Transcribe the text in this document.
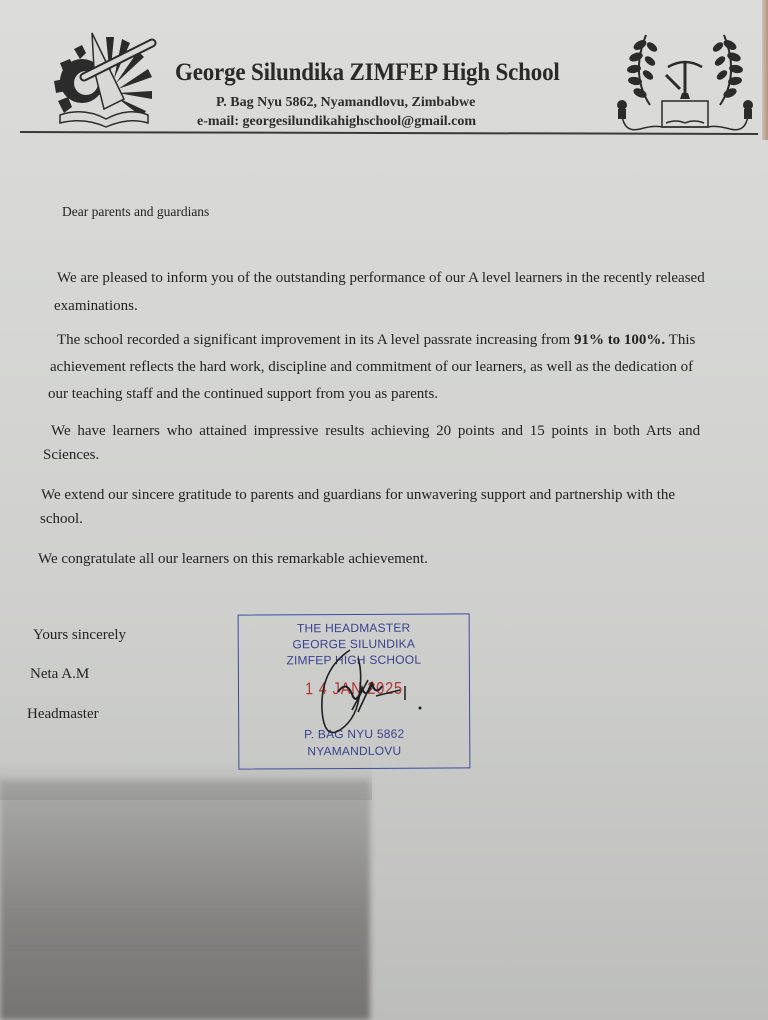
George Silundika ZIMFEP High School
P. Bag Nyu 5862, Nyamandlovu, Zimbabwe
e-mail: georgesilundikahighschool@gmail.com
Dear parents and guardians
We are pleased to inform you of the outstanding performance of our A level learners in the recently released
examinations.
The school recorded a significant improvement in its A level passrate increasing from 91% to 100%. This
achievement reflects the hard work, discipline and commitment of our learners, as well as the dedication of
our teaching staff and the continued support from you as parents.
We have learners who attained impressive results achieving 20 points and 15 points in both Arts and
Sciences.
We extend our sincere gratitude to parents and guardians for unwavering support and partnership with the
school.
We congratulate all our learners on this remarkable achievement.
Yours sincerely
Neta A.M
Headmaster
THE HEADMASTER
GEORGE SILUNDIKA
ZIMFEP HIGH SCHOOL
1 4 JAN 2025
P. BAG NYU 5862
NYAMANDLOVU
